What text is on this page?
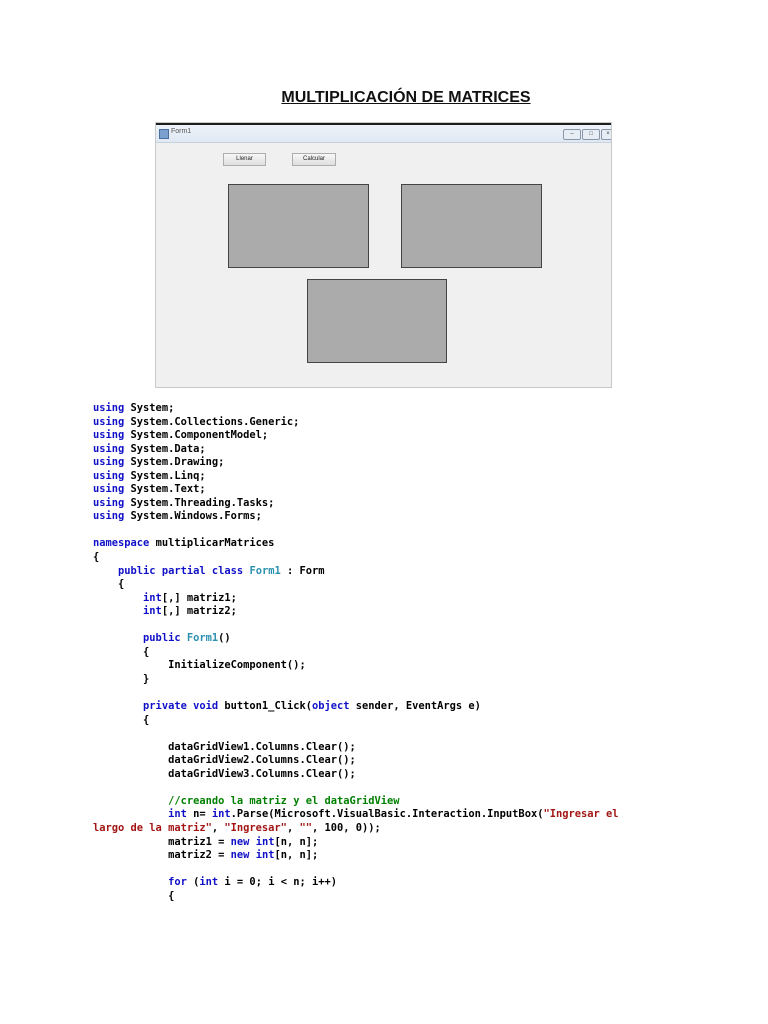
MULTIPLICACIÓN DE MATRICES
Form1	–	□	×
Llenar	Calcular
using System;
using System.Collections.Generic;
using System.ComponentModel;
using System.Data;
using System.Drawing;
using System.Linq;
using System.Text;
using System.Threading.Tasks;
using System.Windows.Forms;
namespace multiplicarMatrices
{
public partial class Form1 : Form
{
int[,] matriz1;
int[,] matriz2;
public Form1()
{
InitializeComponent();
}
private void button1_Click(object sender, EventArgs e)
{
dataGridView1.Columns.Clear();
dataGridView2.Columns.Clear();
dataGridView3.Columns.Clear();
//creando la matriz y el dataGridView
int n= int.Parse(Microsoft.VisualBasic.Interaction.InputBox("Ingresar el
largo de la matriz", "Ingresar", "", 100, 0));
matriz1 = new int[n, n];
matriz2 = new int[n, n];
for (int i = 0; i < n; i++)
{
